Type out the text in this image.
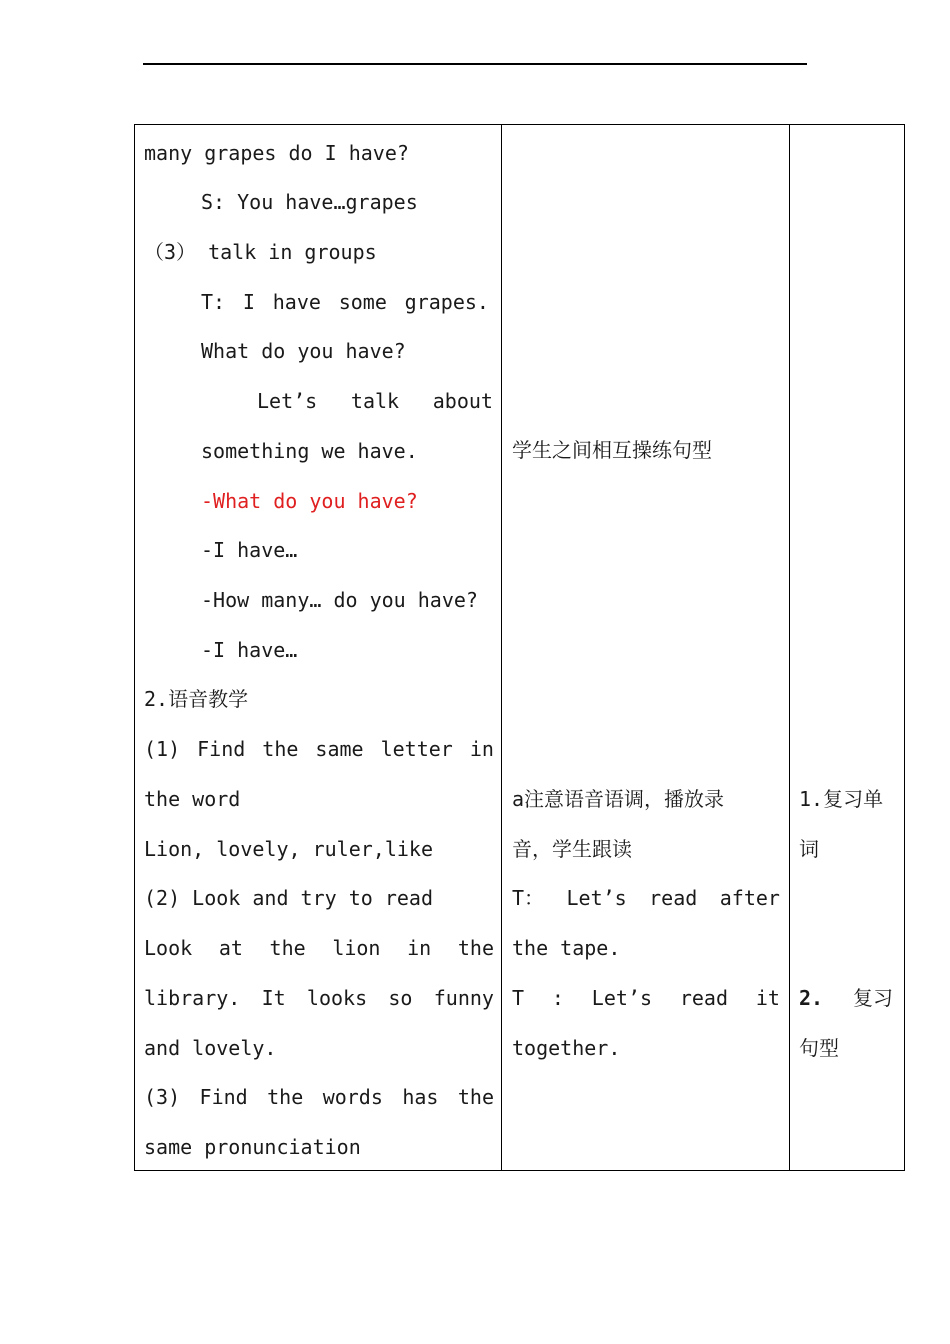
many grapes do I have?
S: You have…grapes
（3） talk in groups
T: I have some grapes.
What do you have?
Let’s talk about
something we have.
-What do you have?
-I have…
-How many… do you have?
-I have…
2.语音教学
(1) Find the same letter in
the word
Lion, lovely, ruler,like
(2) Look and try to read
Look at the lion in the
library. It looks so funny
and lovely.
(3) Find the words has the
same pronunciation
学生之间相互操练句型
a注意语音语调，播放录
音，学生跟读
T： Let’s read after
the tape.
T : Let’s read it
together.
1.复习单
词
2. 复习
句型
